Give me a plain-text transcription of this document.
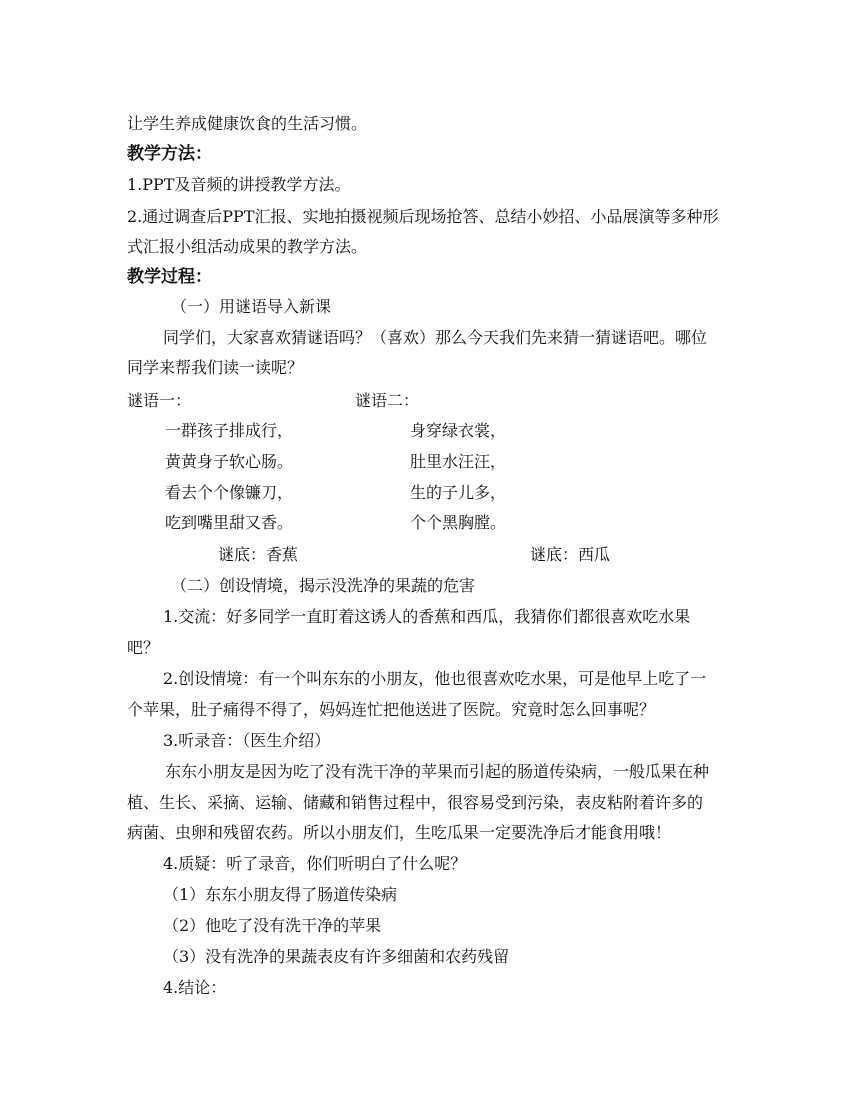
让学生养成健康饮食的生活习惯。
教学方法：
1.PPT及音频的讲授教学方法。
2.通过调查后PPT汇报、实地拍摄视频后现场抢答、总结小妙招、小品展演等多种形
式汇报小组活动成果的教学方法。
教学过程：
（一）用谜语导入新课
同学们，大家喜欢猜谜语吗？（喜欢）那么今天我们先来猜一猜谜语吧。哪位
同学来帮我们读一读呢？
谜语一：	谜语二：
一群孩子排成行，	身穿绿衣裳，
黄黄身子软心肠。	肚里水汪汪，
看去个个像镰刀，	生的子儿多，
吃到嘴里甜又香。	个个黑胸膛。
谜底：香蕉	谜底：西瓜
（二）创设情境，揭示没洗净的果蔬的危害
1.交流：好多同学一直盯着这诱人的香蕉和西瓜，我猜你们都很喜欢吃水果
吧？
2.创设情境：有一个叫东东的小朋友，他也很喜欢吃水果，可是他早上吃了一
个苹果，肚子痛得不得了，妈妈连忙把他送进了医院。究竟时怎么回事呢？
3.听录音：（医生介绍）
东东小朋友是因为吃了没有洗干净的苹果而引起的肠道传染病，一般瓜果在种
植、生长、采摘、运输、储藏和销售过程中，很容易受到污染，表皮粘附着许多的
病菌、虫卵和残留农药。所以小朋友们，生吃瓜果一定要洗净后才能食用哦！
4.质疑：听了录音，你们听明白了什么呢？
（1）东东小朋友得了肠道传染病
（2）他吃了没有洗干净的苹果
（3）没有洗净的果蔬表皮有许多细菌和农药残留
4.结论：
